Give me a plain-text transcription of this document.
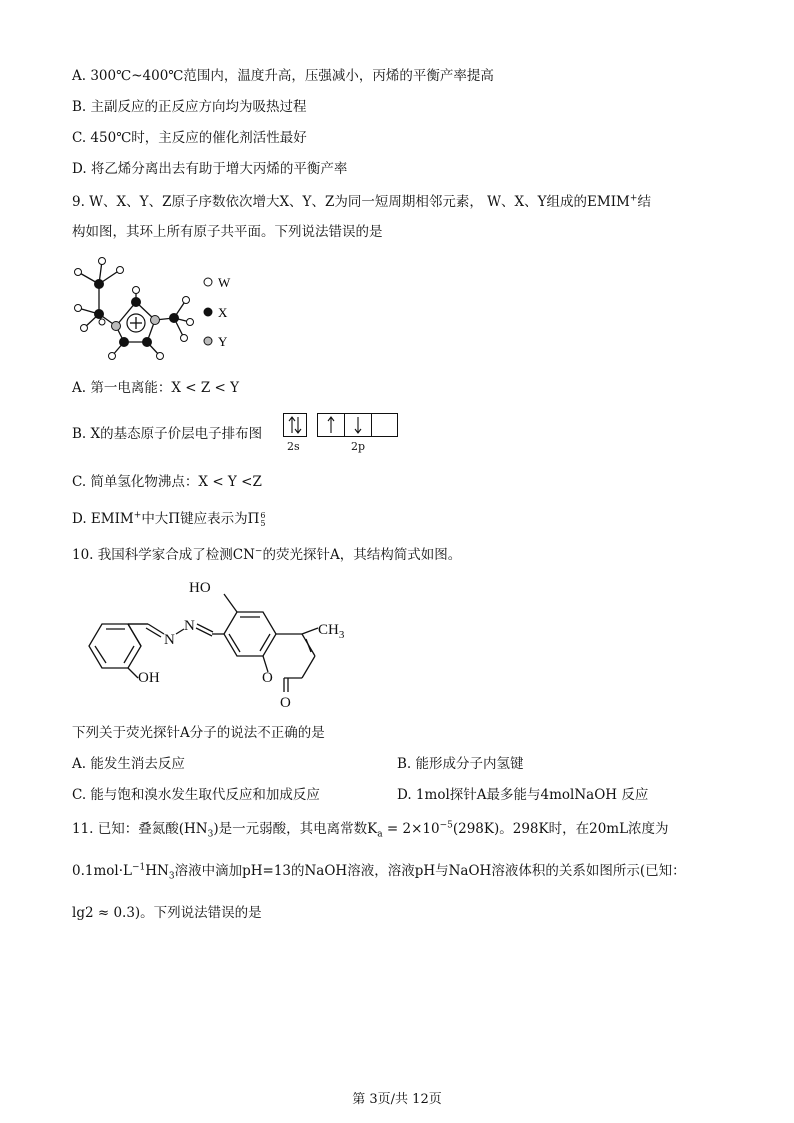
A. 300℃~400℃范围内，温度升高，压强减小，丙烯的平衡产率提高
B. 主副反应的正反应方向均为吸热过程
C. 450℃时，主反应的催化剂活性最好
D. 将乙烯分离出去有助于增大丙烯的平衡产率
9. W、X、Y、Z原子序数依次增大X、Y、Z为同一短周期相邻元素， W、X、Y组成的EMIM+结
构如图，其环上所有原子共平面。下列说法错误的是
W
X
Y
A. 第一电离能：X < Z < Y
B. X的基态原子价层电子排布图
2s	2p
C. 简单氢化物沸点：X < Y <Z
D. EMIM+中大Π键应表示为Π 6
5
10. 我国科学家合成了检测CN−的荧光探针A，其结构简式如图。
HO
N
N	$CH_3$
O
O
OH
下列关于荧光探针A分子的说法不正确的是
A. 能发生消去反应	B. 能形成分子内氢键
C. 能与饱和溴水发生取代反应和加成反应	D. 1mol探针A最多能与4molNaOH 反应
11. 已知：叠氮酸$(HN_3)$是一元弱酸，其电离常数$K_a = 2\times 10^{-5}(298K)$。298K时，在20mL浓度为
$0.1mol\cdot L^{-1}HN_3$溶液中滴加pH=13的NaOH溶液，溶液pH与NaOH溶液体积的关系如图所示(已知：
lg2 ≈ 0.3)。下列说法错误的是
第 3页/共 12页
